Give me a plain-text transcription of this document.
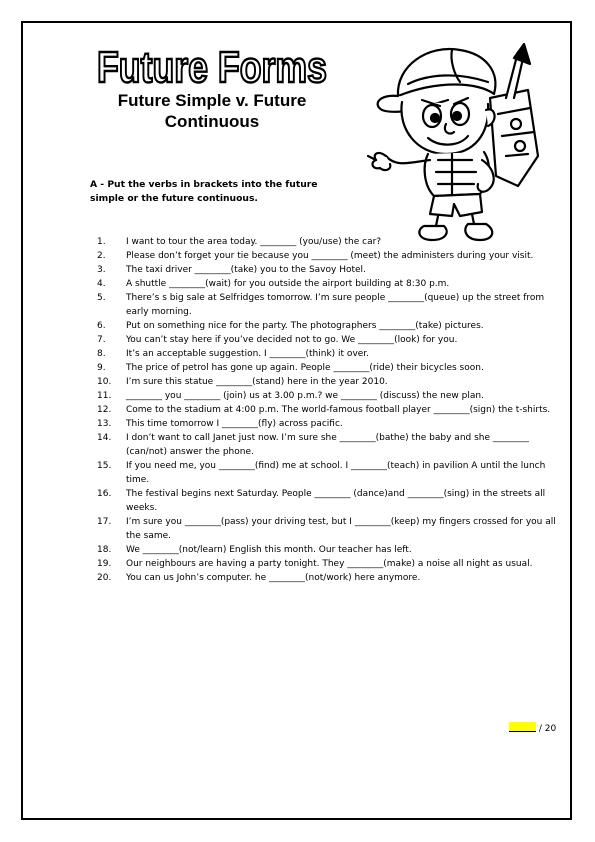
Future Forms
Future Simple v. Future
Continuous
A - Put the verbs in brackets into the future
simple or the future continuous.
1.	I want to tour the area today. ________ (you/use) the car?
2.	Please don’t forget your tie because you ________ (meet) the administers during your visit.
3.	The taxi driver ________(take) you to the Savoy Hotel.
4.	A shuttle ________(wait) for you outside the airport building at 8:30 p.m.
5.	There’s s big sale at Selfridges tomorrow. I’m sure people ________(queue) up the street from early morning.
6.	Put on something nice for the party. The photographers ________(take) pictures.
7.	You can’t stay here if you’ve decided not to go. We ________(look) for you.
8.	It’s an acceptable suggestion. I ________(think) it over.
9.	The price of petrol has gone up again. People ________(ride) their bicycles soon.
10.	I’m sure this statue ________(stand) here in the year 2010.
11.	________ you ________ (join) us at 3.00 p.m.? we ________ (discuss) the new plan.
12.	Come to the stadium at 4:00 p.m. The world-famous football player ________(sign) the t-shirts.
13.	This time tomorrow I ________(fly) across pacific.
14.	I don’t want to call Janet just now. I’m sure she ________(bathe) the baby and she ________ (can/not) answer the phone.
15.	If you need me, you ________(find) me at school. I ________(teach) in pavilion A until the lunch time.
16.	The festival begins next Saturday. People ________ (dance)and ________(sing) in the streets all weeks.
17.	I’m sure you ________(pass) your driving test, but I ________(keep) my fingers crossed for you all the same.
18.	We ________(not/learn) English this month. Our teacher has left.
19.	Our neighbours are having a party tonight. They ________(make) a noise all night as usual.
20.	You can us John’s computer. he ________(not/work) here anymore.
/ 20
